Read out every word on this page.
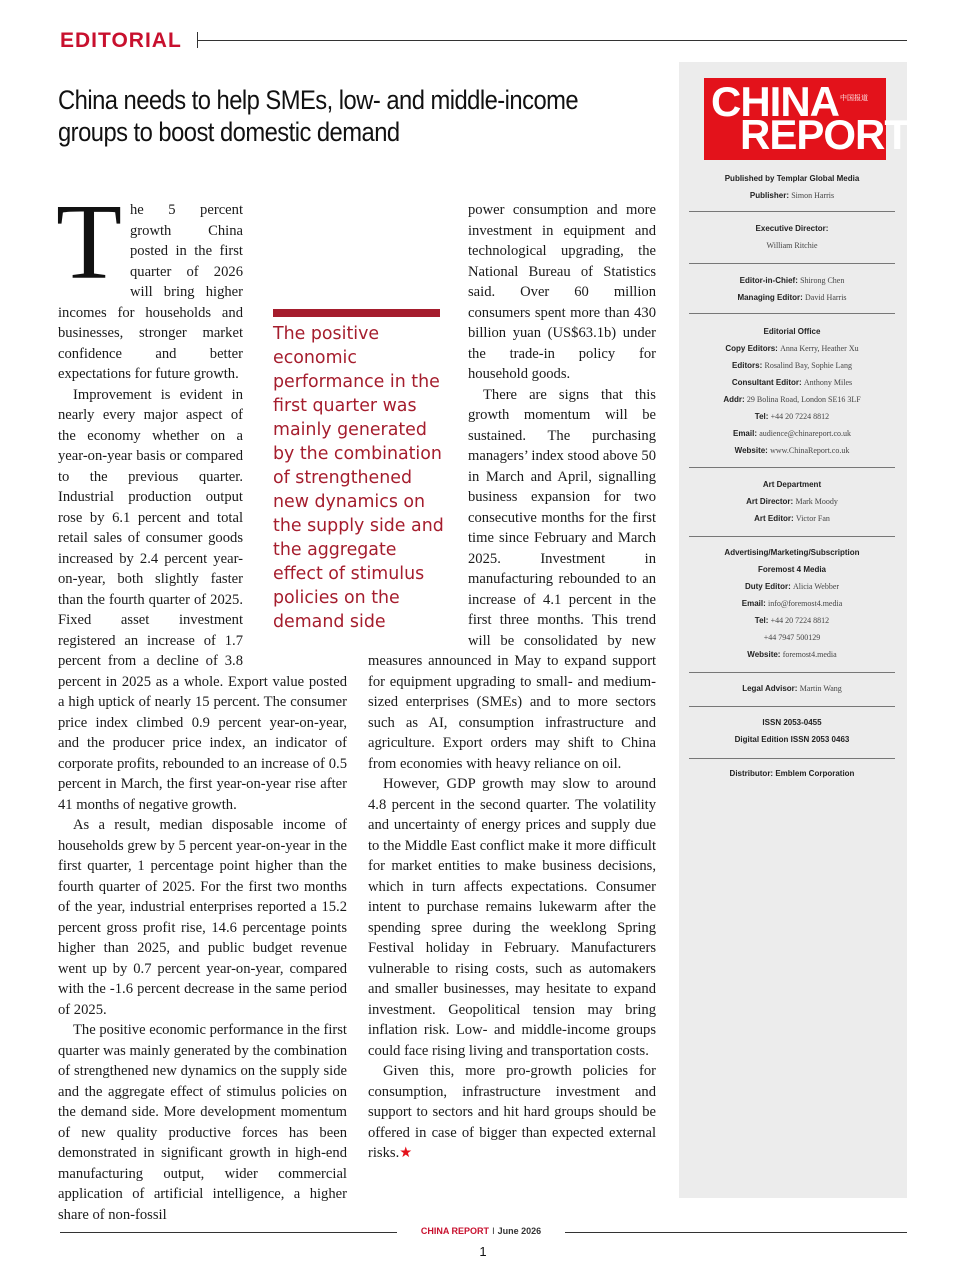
EDITORIAL
China needs to help SMEs, low- and middle-income groups to boost domestic demand

The 5 percent growth China posted in the first quarter of 2026 will bring higher incomes for households and businesses, stronger market confidence and better expectations for future growth.

Improvement is evident in nearly every major aspect of the economy whether on a year-on-year basis or compared to the previous quarter. Industrial production output rose by 6.1 percent and total retail sales of consumer goods increased by 2.4 percent year-on-year, both slightly faster than the fourth quarter of 2025. Fixed asset investment registered an increase of 1.7 percent from a decline of 3.8 percent in 2025 as a whole. Export value posted a high uptick of nearly 15 percent. The consumer price index climbed 0.9 percent year-on-year, and the producer price index, an indicator of corporate profits, rebounded to an increase of 0.5 percent in March, the first year-on-year rise after 41 months of negative growth.

As a result, median disposable income of households grew by 5 percent year-on-year in the first quarter, 1 percentage point higher than the fourth quarter of 2025. For the first two months of the year, industrial enterprises reported a 15.2 percent gross profit rise, 14.6 percentage points higher than 2025, and public budget revenue went up by 0.7 percent year-on-year, compared with the -1.6 percent decrease in the same period of 2025.

The positive economic performance in the first quarter was mainly generated by the combination of strengthened new dynamics on the supply side and the aggregate effect of stimulus policies on the demand side. More development momentum of new quality productive forces has been demonstrated in significant growth in high-end manufacturing output, wider commercial application of artificial intelligence, a higher share of non-fossil

power consumption and more investment in equipment and technological upgrading, the National Bureau of Statistics said. Over 60 million consumers spent more than 430 billion yuan (US$63.1b) under the trade-in policy for household goods.

There are signs that this growth momentum will be sustained. The purchasing managers’ index stood above 50 in March and April, signalling business expansion for two consecutive months for the first time since February and March 2025. Investment in manufacturing rebounded to an increase of 4.1 percent in the first three months. This trend will be consolidated by new measures announced in May to expand support for equipment upgrading to small- and medium-sized enterprises (SMEs) and to more sectors such as AI, consumption infrastructure and agriculture. Export orders may shift to China from economies with heavy reliance on oil.

However, GDP growth may slow to around 4.8 percent in the second quarter. The volatility and uncertainty of energy prices and supply due to the Middle East conflict make it more difficult for market entities to make business decisions, which in turn affects expectations. Consumer intent to purchase remains lukewarm after the spending spree during the weeklong Spring Festival holiday in February. Manufacturers vulnerable to rising costs, such as automakers and smaller businesses, may hesitate to expand investment. Geopolitical tension may bring inflation risk. Low- and middle-income groups could face rising living and transportation costs.

Given this, more pro-growth policies for consumption, infrastructure investment and support to sectors and hit hard groups should be offered in case of bigger than expected external risks.★

The positive economic performance in the first quarter was mainly generated by the combination of strengthened new dynamics on the supply side and the aggregate effect of stimulus policies on the demand side
CHINA 中国报道
REPORT
Published by Templar Global Media
Publisher: Simon Harris
Executive Director:
William Ritchie
Editor-in-Chief: Shirong Chen
Managing Editor: David Harris
Editorial Office
Copy Editors: Anna Kerry, Heather Xu
Editors: Rosalind Bay, Sophie Lang
Consultant Editor: Anthony Miles
Addr: 29 Bolina Road, London SE16 3LF
Tel: +44 20 7224 8812
Email: audience@chinareport.co.uk
Website: www.ChinaReport.co.uk
Art Department
Art Director: Mark Moody
Art Editor: Victor Fan
Advertising/Marketing/Subscription
Foremost 4 Media
Duty Editor: Alicia Webber
Email: info@foremost4.media
Tel: +44 20 7224 8812
+44 7947 500129
Website: foremost4.media
Legal Advisor: Martin Wang
ISSN 2053-0455
Digital Edition ISSN 2053 0463
Distributor: Emblem Corporation
CHINA REPORT I June 2026
1
